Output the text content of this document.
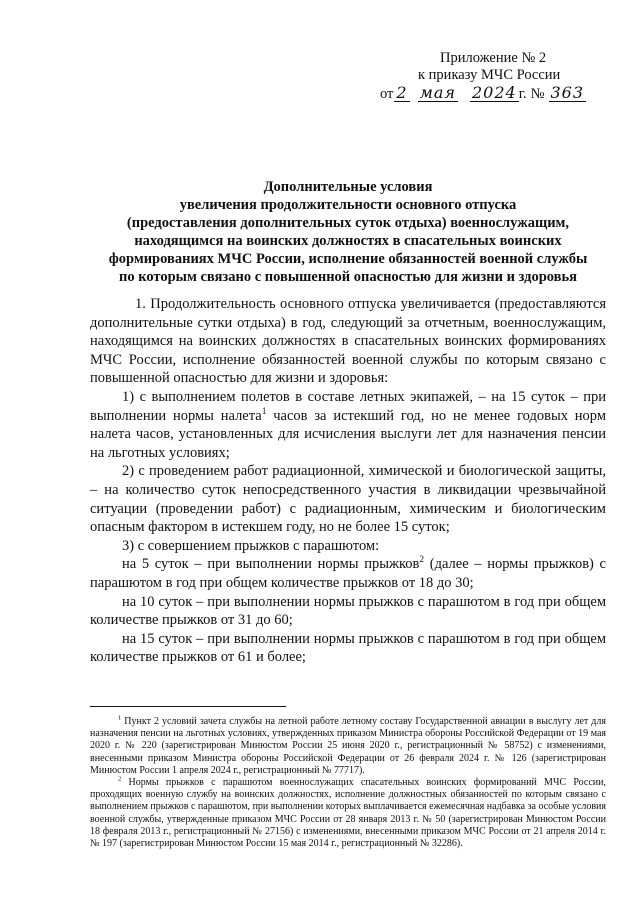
Приложение № 2
к приказу МЧС России
от 2 мая 2024 г. № 363
Дополнительные условия
увеличения продолжительности основного отпуска
(предоставления дополнительных суток отдыха) военнослужащим,
находящимся на воинских должностях в спасательных воинских
формированиях МЧС России, исполнение обязанностей военной службы
по которым связано с повышенной опасностью для жизни и здоровья

1. Продолжительность основного отпуска увеличивается (предоставляются дополнительные сутки отдыха) в год, следующий за отчетным, военнослужащим, находящимся на воинских должностях в спасательных воинских формированиях МЧС России, исполнение обязанностей военной службы по которым связано с повышенной опасностью для жизни и здоровья:

1) с выполнением полетов в составе летных экипажей, – на 15 суток – при выполнении нормы налета$^1$ часов за истекший год, но не менее годовых норм налета часов, установленных для исчисления выслуги лет для назначения пенсии на льготных условиях;

2) с проведением работ радиационной, химической и биологической защиты, – на количество суток непосредственного участия в ликвидации чрезвычайной ситуации (проведении работ) с радиационным, химическим и биологическим опасным фактором в истекшем году, но не более 15 суток;

3) с совершением прыжков с парашютом:

на 5 суток – при выполнении нормы прыжков$^2$ (далее – нормы прыжков) с парашютом в год при общем количестве прыжков от 18 до 30;

на 10 суток – при выполнении нормы прыжков с парашютом в год при общем количестве прыжков от 31 до 60;

на 15 суток – при выполнении нормы прыжков с парашютом в год при общем количестве прыжков от 61 и более;

$^1$ Пункт 2 условий зачета службы на летной работе летному составу Государственной авиации в выслугу лет для назначения пенсии на льготных условиях, утвержденных приказом Министра обороны Российской Федерации от 19 мая 2020 г. № 220 (зарегистрирован Минюстом России 25 июня 2020 г., регистрационный № 58752) с изменениями, внесенными приказом Министра обороны Российской Федерации от 26 февраля 2024 г. № 126 (зарегистрирован Минюстом России 1 апреля 2024 г., регистрационный № 77717).

$^2$ Нормы прыжков с парашютом военнослужащих спасательных воинских формирований МЧС России, проходящих военную службу на воинских должностях, исполнение должностных обязанностей по которым связано с выполнением прыжков с парашютом, при выполнении которых выплачивается ежемесячная надбавка за особые условия военной службы, утвержденные приказом МЧС России от 28 января 2013 г. № 50 (зарегистрирован Минюстом России 18 февраля 2013 г., регистрационный № 27156) с изменениями, внесенными приказом МЧС России от 21 апреля 2014 г. № 197 (зарегистрирован Минюстом России 15 мая 2014 г., регистрационный № 32286).
